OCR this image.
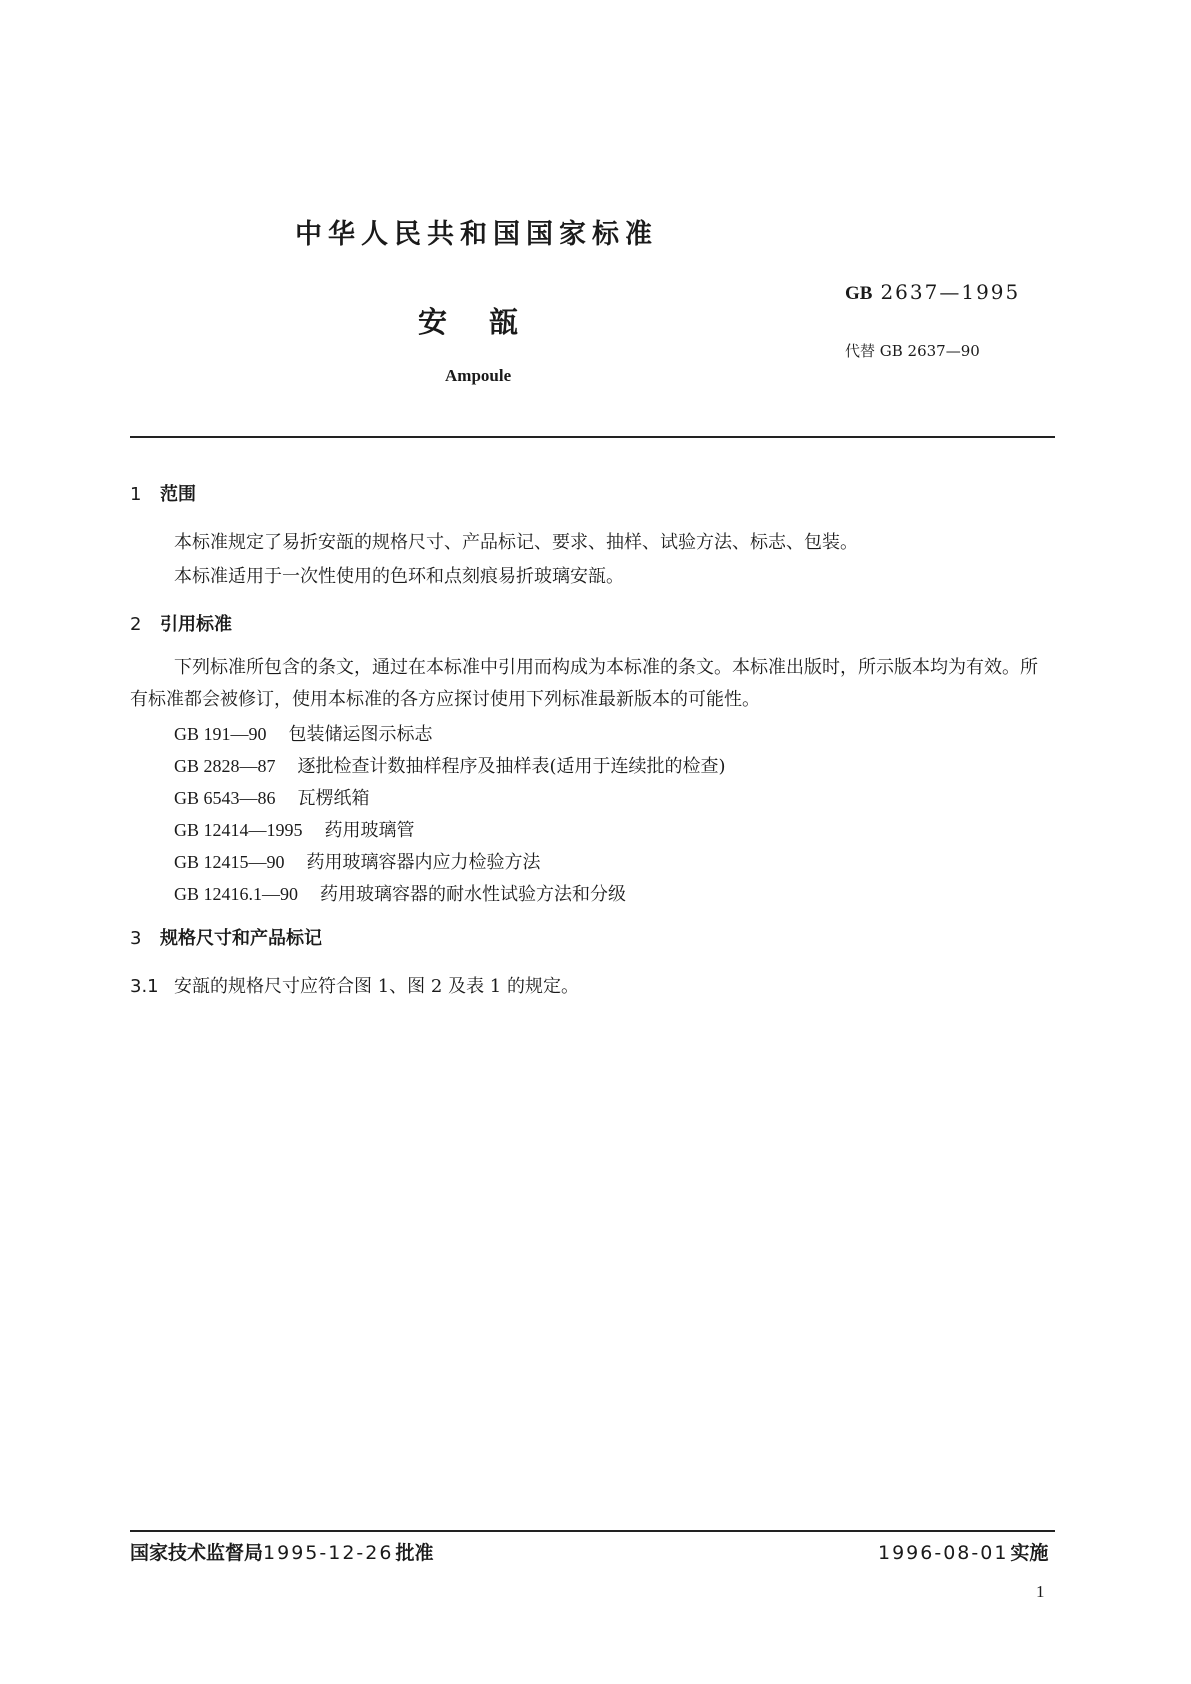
中华人民共和国国家标准
安瓿
Ampoule
GB 2637—1995
代替 GB 2637—90
1 范围
本标准规定了易折安瓿的规格尺寸、产品标记、要求、抽样、试验方法、标志、包装。
本标准适用于一次性使用的色环和点刻痕易折玻璃安瓿。
2 引用标准
下列标准所包含的条文，通过在本标准中引用而构成为本标准的条文。本标准出版时，所示版本均为有效。所有标准都会被修订，使用本标准的各方应探讨使用下列标准最新版本的可能性。
GB 191—90 包装储运图示标志
GB 2828—87 逐批检查计数抽样程序及抽样表(适用于连续批的检查)
GB 6543—86 瓦楞纸箱
GB 12414—1995 药用玻璃管
GB 12415—90 药用玻璃容器内应力检验方法
GB 12416.1—90 药用玻璃容器的耐水性试验方法和分级
3 规格尺寸和产品标记
3.1 安瓿的规格尺寸应符合图 1、图 2 及表 1 的规定。
国家技术监督局1995-12-26 批准	1996-08-01 实施
1
